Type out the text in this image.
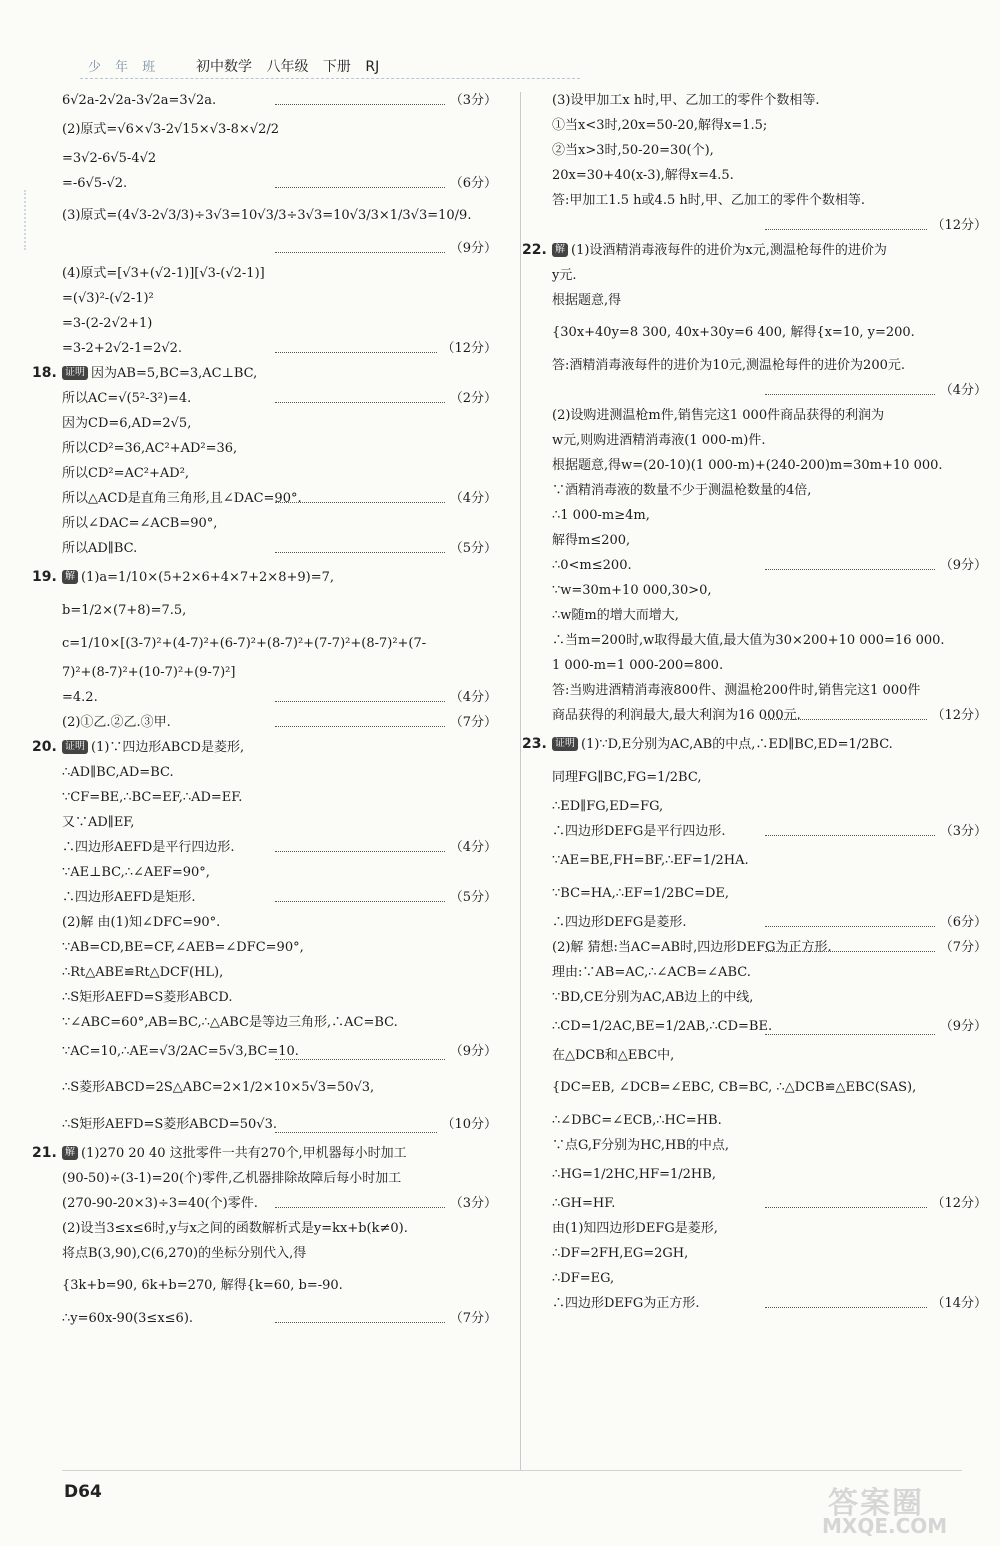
少 年 班	初中数学 八年级 下册 RJ
6√2a-2√2a-3√2a=3√2a.	（3分）
(2)原式=√6×√3-2√15×√3-8×√2/2
=3√2-6√5-4√2
=-6√5-√2.	（6分）
(3)原式=(4√3-2√3/3)÷3√3=10√3/3÷3√3=10√3/3×1/3√3=10/9.
（9分）
(4)原式=[√3+(√2-1)][√3-(√2-1)]
=(√3)²-(√2-1)²
=3-(2-2√2+1)
=3-2+2√2-1=2√2.	（12分）
18. 证明 因为AB=5,BC=3,AC⊥BC,
所以AC=√(5²-3²)=4.	（2分）
因为CD=6,AD=2√5,
所以CD²=36,AC²+AD²=36,
所以CD²=AC²+AD²,
所以△ACD是直角三角形,且∠DAC=90°.	（4分）
所以∠DAC=∠ACB=90°,
所以AD∥BC.	（5分）
19. 解 (1)a=1/10×(5+2×6+4×7+2×8+9)=7,
b=1/2×(7+8)=7.5,
c=1/10×[(3-7)²+(4-7)²+(6-7)²+(8-7)²+(7-7)²+(8-7)²+(7-
7)²+(8-7)²+(10-7)²+(9-7)²]
=4.2.	（4分）
(2)①乙.②乙.③甲.	（7分）
20. 证明 (1)∵四边形ABCD是菱形,
∴AD∥BC,AD=BC.
∵CF=BE,∴BC=EF,∴AD=EF.
又∵AD∥EF,
∴四边形AEFD是平行四边形.	（4分）
∵AE⊥BC,∴∠AEF=90°,
∴四边形AEFD是矩形.	（5分）
(2)解 由(1)知∠DFC=90°.
∵AB=CD,BE=CF,∠AEB=∠DFC=90°,
∴Rt△ABE≌Rt△DCF(HL),
∴S矩形AEFD=S菱形ABCD.
∵∠ABC=60°,AB=BC,∴△ABC是等边三角形,∴AC=BC.
∵AC=10,∴AE=√3/2AC=5√3,BC=10.	（9分）
∴S菱形ABCD=2S△ABC=2×1/2×10×5√3=50√3,
∴S矩形AEFD=S菱形ABCD=50√3.	（10分）
21. 解 (1)270 20 40 这批零件一共有270个,甲机器每小时加工
(90-50)÷(3-1)=20(个)零件,乙机器排除故障后每小时加工
(270-90-20×3)÷3=40(个)零件.	（3分）
(2)设当3≤x≤6时,y与x之间的函数解析式是y=kx+b(k≠0).
将点B(3,90),C(6,270)的坐标分别代入,得
{3k+b=90, 6k+b=270, 解得{k=60, b=-90.
∴y=60x-90(3≤x≤6).	（7分）
(3)设甲加工x h时,甲、乙加工的零件个数相等.
①当x<3时,20x=50-20,解得x=1.5;
②当x>3时,50-20=30(个),
20x=30+40(x-3),解得x=4.5.
答:甲加工1.5 h或4.5 h时,甲、乙加工的零件个数相等.
（12分）
22. 解 (1)设酒精消毒液每件的进价为x元,测温枪每件的进价为
y元.
根据题意,得
{30x+40y=8 300, 40x+30y=6 400, 解得{x=10, y=200.
答:酒精消毒液每件的进价为10元,测温枪每件的进价为200元.
（4分）
(2)设购进测温枪m件,销售完这1 000件商品获得的利润为
w元,则购进酒精消毒液(1 000-m)件.
根据题意,得w=(20-10)(1 000-m)+(240-200)m=30m+10 000.
∵酒精消毒液的数量不少于测温枪数量的4倍,
∴1 000-m≥4m,
解得m≤200,
∴0<m≤200.	（9分）
∵w=30m+10 000,30>0,
∴w随m的增大而增大,
∴当m=200时,w取得最大值,最大值为30×200+10 000=16 000.
1 000-m=1 000-200=800.
答:当购进酒精消毒液800件、测温枪200件时,销售完这1 000件
商品获得的利润最大,最大利润为16 000元.	（12分）
23. 证明 (1)∵D,E分别为AC,AB的中点,∴ED∥BC,ED=1/2BC.
同理FG∥BC,FG=1/2BC,
∴ED∥FG,ED=FG,
∴四边形DEFG是平行四边形.	（3分）
∵AE=BE,FH=BF,∴EF=1/2HA.
∵BC=HA,∴EF=1/2BC=DE,
∴四边形DEFG是菱形.	（6分）
(2)解 猜想:当AC=AB时,四边形DEFG为正方形.	（7分）
理由:∵AB=AC,∴∠ACB=∠ABC.
∵BD,CE分别为AC,AB边上的中线,
∴CD=1/2AC,BE=1/2AB,∴CD=BE.	（9分）
在△DCB和△EBC中,
{DC=EB, ∠DCB=∠EBC, CB=BC, ∴△DCB≌△EBC(SAS),
∴∠DBC=∠ECB,∴HC=HB.
∵点G,F分别为HC,HB的中点,
∴HG=1/2HC,HF=1/2HB,
∴GH=HF.	（12分）
由(1)知四边形DEFG是菱形,
∴DF=2FH,EG=2GH,
∴DF=EG,
∴四边形DEFG为正方形.	（14分）
D64	答案圈
MXQE.COM
